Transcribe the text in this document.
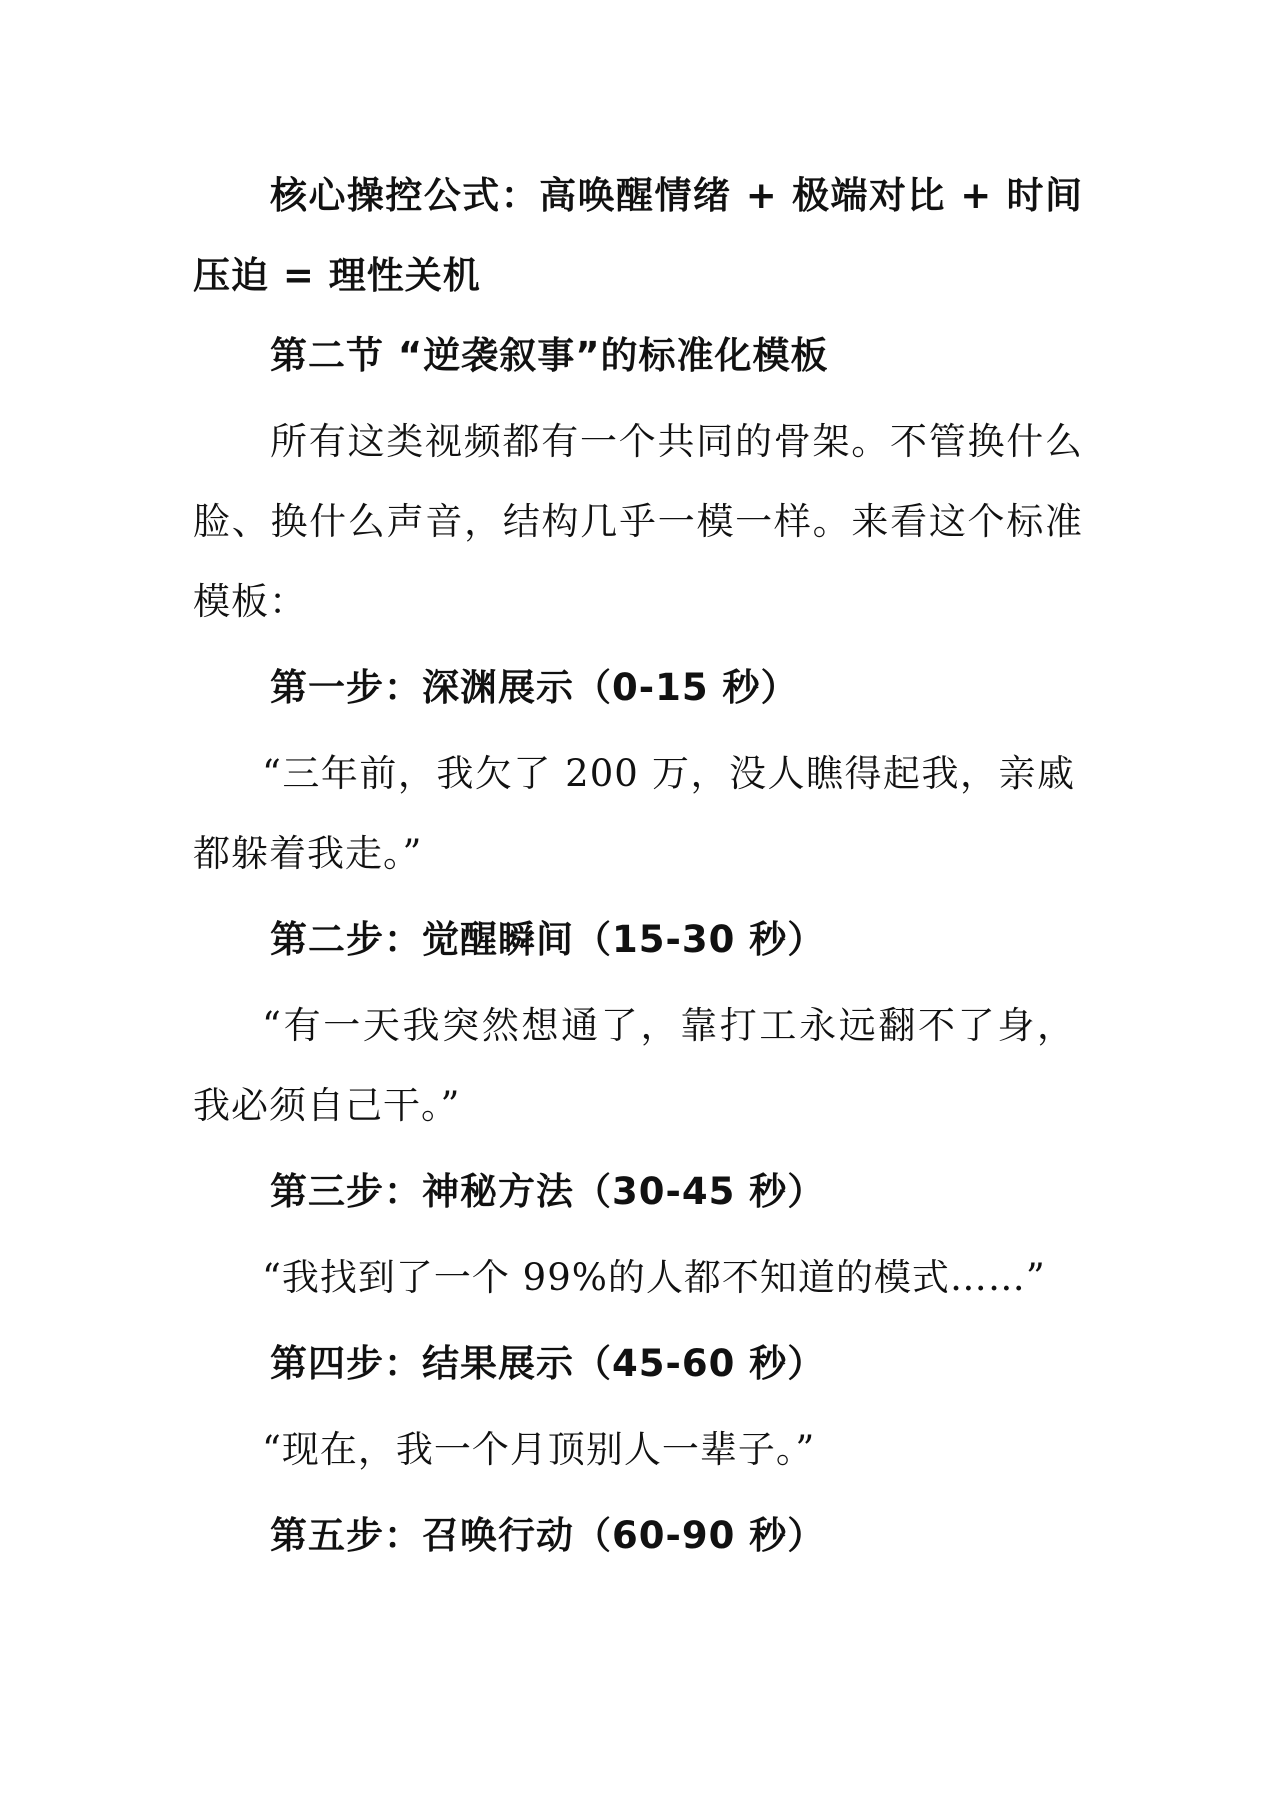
核心操控公式：高唤醒情绪 + 极端对比 + 时间
压迫 = 理性关机
第二节 “逆袭叙事”的标准化模板
所有这类视频都有一个共同的骨架。不管换什么
脸、换什么声音，结构几乎一模一样。来看这个标准
模板：
第一步：深渊展示（0-15 秒）
“三年前，我欠了 200 万，没人瞧得起我，亲戚
都躲着我走。”
第二步：觉醒瞬间（15-30 秒）
“有一天我突然想通了，靠打工永远翻不了身，
我必须自己干。”
第三步：神秘方法（30-45 秒）
“我找到了一个 99%的人都不知道的模式……”
第四步：结果展示（45-60 秒）
“现在，我一个月顶别人一辈子。”
第五步：召唤行动（60-90 秒）
